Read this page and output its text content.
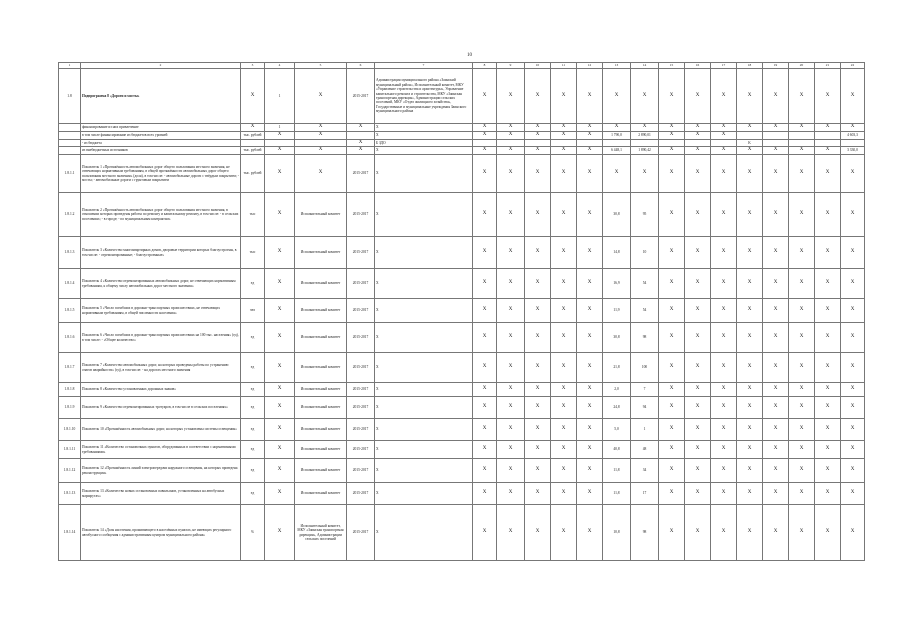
10
1	2	3	4	5	6	7	8	9	10	11	12	13	14	15	16	17	18	19	20	21	22	
1.8	Подпрограмма 8 «Дороги и мосты»	X	1	X	2015-2017	Администрация муниципального района «Заинский муниципальный район», Исполнительный комитет, МКУ «Управление строительства и архитектуры», Управление капитального ремонта и строительства, МКУ «Заинская транспортная дирекция», Администрации сельских поселений, МКУ «Отдел жилищного хозяйства», Государственные и муниципальные учреждения Заинского муниципального района	X	X	X	X	X	X	X	X	X	X	X	X	X	X	X	
	финансирование из них привлечение	X	1	X	X	X	X	X	X	X	X	X	X	X	X	X	X	X	X	X	X	
	в том числе финансирование из бюджетов всех уровней	тыс. рублей	X	X		X	X	X	X	X	X	1 790,0	2 890,01	X	X	X					4 603,3	
	- из бюджета				X	Б ЗДО											K					
	из внебюджетных источников	тыс. рублей	X	X	X	X	X	X	X	X	X	6 448,1	1 890,42	X	X	X	X	X	X	X	3 330,0	
1.8.1.1	Показатель 1 «Протяжённость автомобильных дорог общего пользования местного значения, не отвечающих нормативным требованиям, в общей протяжённости автомобильных дорог общего пользования местного значения» (доля), в том числе: - автомобильные дороги с твёрдым покрытием; - мосты; - автомобильные дороги с грунтовым покрытием	тыс. рублей	X	X	2015-2017	X	X	X	X	X	X	X	X	X	X	X	X	X	X	X	X	
1.8.1.2	Показатель 2 «Протяжённость автомобильных дорог общего пользования местного значения, в отношении которых проведены работы по ремонту и капитальному ремонту, в том числе: - в сельских поселениях; - в городе; - по муниципальным контрактам»	тыс	X	Исполнительный комитет	2015-2017	X	X	X	X	X	X	30,8	95	X	X	X	X	X	X	X	X	
1.8.1.3	Показатель 3 «Количество многоквартирных домов, дворовые территории которых благоустроены, в том числе: - отремонтированные; - благоустроенные»	тыс	X	Исполнительный комитет	2015-2017	X	X	X	X	X	X	14,8	10	X	X	X	X	X	X	X	X	
1.8.1.4	Показатель 4 «Количество отремонтированных автомобильных дорог, не отвечающих нормативным требованиям, к общему числу автомобильных дорог местного значения»	ед	X	Исполнительный комитет	2015-2017	X	X	X	X	X	X	16,9	54	X	X	X	X	X	X	X	X	
1.8.1.5	Показатель 5 «Число погибших в дорожно-транспортных происшествиях, не отвечающих нормативным требованиям, в общей численности населения»	чел	X	Исполнительный комитет	2015-2017	X	X	X	X	X	X	11,9	54	X	X	X	X	X	X	X	X	
1.8.1.6	Показатель 6 «Число погибших в дорожно-транспортных происшествиях на 100 тыс. населения» (ед), в том числе: - «Общее количество»	ед	X	Исполнительный комитет	2015-2017	X	X	X	X	X	X	30,8	98	X	X	X	X	X	X	X	X	
1.8.1.7	Показатель 7 «Количество автомобильных дорог, на которых проведены работы по устранению очагов аварийности» (ед), в том числе: - на дорогах местного значения	ед	X	Исполнительный комитет	2015-2017	X	X	X	X	X	X	21,8	100	X	X	X	X	X	X	X	X	
1.8.1.8	Показатель 8 «Количество установленных дорожных знаков»	ед	X	Исполнительный комитет	2015-2017	X	X	X	X	X	X	2,0	7	X	X	X	X	X	X	X	X	
1.8.1.9	Показатель 9 «Количество отремонтированных тротуаров, в том числе в сельских поселениях»	ед	X	Исполнительный комитет	2015-2017	X	X	X	X	X	X	24,8	94	X	X	X	X	X	X	X	X	
1.8.1.10	Показатель 10 «Протяжённость автомобильных дорог, на которых установлены системы освещения»	ед	X	Исполнительный комитет	2015-2017	X	X	X	X	X	X	5,0	1	X	X	X	X	X	X	X	X	
1.8.1.11	Показатель 11 «Количество остановочных пунктов, оборудованных в соответствии с нормативными требованиями»	ед	X	Исполнительный комитет	2015-2017	X	X	X	X	X	X	40,8	48	X	X	X	X	X	X	X	X	
1.8.1.12	Показатель 12 «Протяжённость линий электропередачи наружного освещения, на которых проведена реконструкция»	ед	X	Исполнительный комитет	2015-2017	X	X	X	X	X	X	11,8	34	X	X	X	X	X	X	X	X	
1.8.1.13	Показатель 13 «Количество новых остановочных павильонов, установленных на автобусных маршрутах»	ед	X	Исполнительный комитет	2015-2017	X	X	X	X	X	X	11,8	17	X	X	X	X	X	X	X	X	
1.8.1.14	Показатель 14 «Доля населения, проживающего в населённых пунктах, не имеющих регулярного автобусного сообщения с административным центром муниципального района»	%	X	Исполнительный комитет, МКУ «Заинская транспортная дирекция», Администрации сельских поселений	2015-2017	X	X	X	X	X	X	10,8	98	X	X	X	X	X	X	X	X	
